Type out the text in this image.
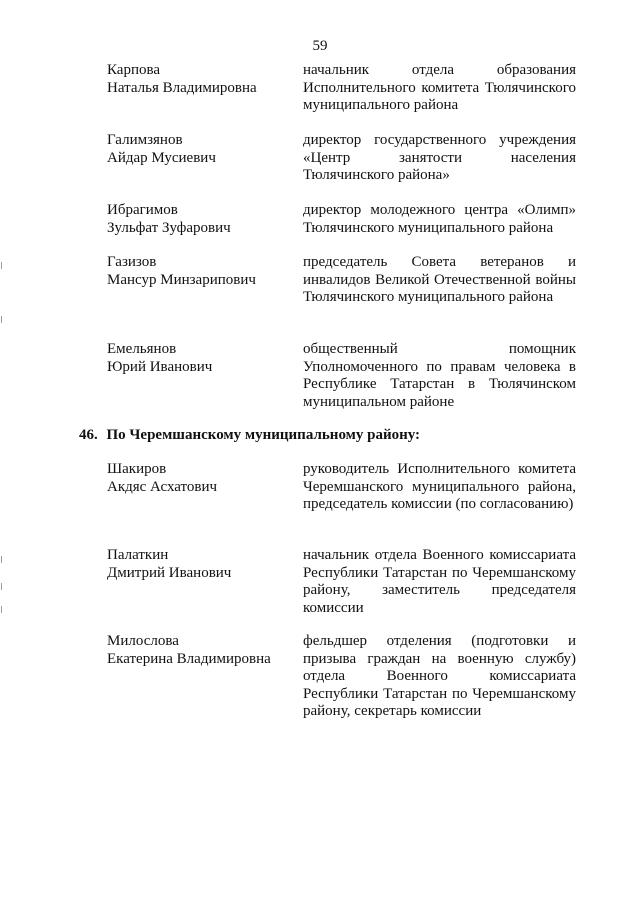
59
Карпова
Наталья Владимировна
начальник отдела образования Исполнительного комитета Тюлячинского муниципального района
Галимзянов
Айдар Мусиевич
директор государственного учреждения «Центр занятости населения Тюлячинского района»
Ибрагимов
Зульфат Зуфарович
директор молодежного центра «Олимп» Тюлячинского муниципального района
Газизов
Мансур Минзарипович
председатель Совета ветеранов и инвалидов Великой Отечественной войны Тюлячинского муниципального района
Емельянов
Юрий Иванович
общественный помощник Уполномоченного по правам человека в Республике Татарстан в Тюлячинском муниципальном районе
46. По Черемшанскому муниципальному району:
Шакиров
Акдяс Асхатович
руководитель Исполнительного комитета Черемшанского муниципального района, председатель комиссии (по согласованию)
Палаткин
Дмитрий Иванович
начальник отдела Военного комиссариата Республики Татарстан по Черемшанскому району, заместитель председателя комиссии
Милослова
Екатерина Владимировна
фельдшер отделения (подготовки и призыва граждан на военную службу) отдела Военного комиссариата Республики Татарстан по Черемшанскому району, секретарь комиссии
